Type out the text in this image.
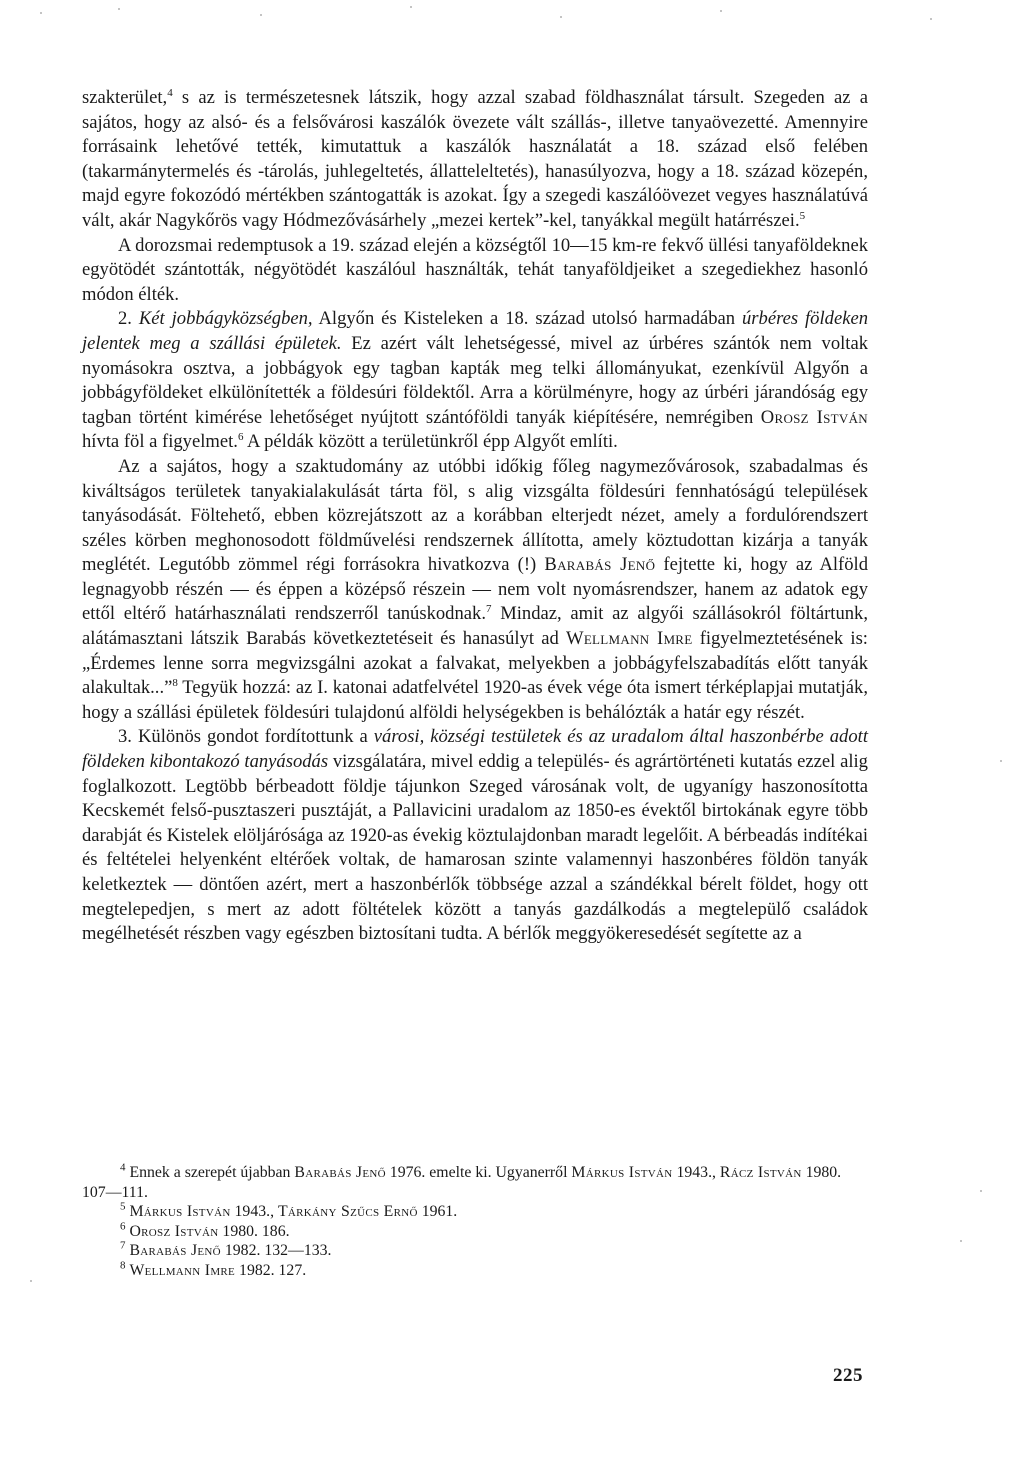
szakterület,$^4$ s az is természetesnek látszik, hogy azzal szabad földhasználat társult. Szegeden az a sajátos, hogy az alsó- és a felsővárosi kaszálók övezete vált szállás-, illetve tanyaövezetté. Amennyire forrásaink lehetővé tették, kimutattuk a kaszálók használatát a 18. század első felében (takarmánytermelés és -tárolás, juhlegeltetés, állatteleltetés), hanasúlyozva, hogy a 18. század közepén, majd egyre fokozódó mértékben szántogatták is azokat. Így a szegedi kaszálóövezet vegyes használatúvá vált, akár Nagykőrös vagy Hódmezővásárhely „mezei kertek”-kel, tanyákkal megült határrészei.$^5$

A dorozsmai redemptusok a 19. század elején a községtől 10—15 km-re fekvő üllési tanyaföldeknek egyötödét szántották, négyötödét kaszálóul használták, tehát tanyaföldjeiket a szegediekhez hasonló módon élték.

2. Két jobbágyközségben, Algyőn és Kisteleken a 18. század utolsó harmadában úrbéres földeken jelentek meg a szállási épületek. Ez azért vált lehetségessé, mivel az úrbéres szántók nem voltak nyomásokra osztva, a jobbágyok egy tagban kapták meg telki állományukat, ezenkívül Algyőn a jobbágyföldeket elkülönítették a földesúri földektől. Arra a körülményre, hogy az úrbéri járandóság egy tagban történt kimérése lehetőséget nyújtott szántóföldi tanyák kiépítésére, nemrégiben Orosz István hívta föl a figyelmet.$^6$ A példák között a területünkről épp Algyőt említi.

Az a sajátos, hogy a szaktudomány az utóbbi időkig főleg nagymezővárosok, szabadalmas és kiváltságos területek tanyakialakulását tárta föl, s alig vizsgálta földesúri fennhatóságú települések tanyásodását. Föltehető, ebben közrejátszott az a korábban elterjedt nézet, amely a fordulórendszert széles körben meghonosodott földművelési rendszernek állította, amely köztudottan kizárja a tanyák meglétét. Legutóbb zömmel régi forrásokra hivatkozva (!) Barabás Jenő fejtette ki, hogy az Alföld legnagyobb részén — és éppen a középső részein — nem volt nyomásrendszer, hanem az adatok egy ettől eltérő határhasználati rendszerről tanúskodnak.$^7$ Mindaz, amit az algyői szállásokról föltártunk, alátámasztani látszik Barabás következtetéseit és hanasúlyt ad Wellmann Imre figyelmeztetésének is: „Érdemes lenne sorra megvizsgálni azokat a falvakat, melyekben a jobbágyfelszabadítás előtt tanyák alakultak...”$^8$ Tegyük hozzá: az I. katonai adatfelvétel 1920-as évek vége óta ismert térképlapjai mutatják, hogy a szállási épületek földesúri tulajdonú alföldi helységekben is behálózták a határ egy részét.

3. Különös gondot fordítottunk a városi, községi testületek és az uradalom által haszonbérbe adott földeken kibontakozó tanyásodás vizsgálatára, mivel eddig a település- és agrártörténeti kutatás ezzel alig foglalkozott. Legtöbb bérbeadott földje tájunkon Szeged városának volt, de ugyanígy haszonosította Kecskemét felső-pusztaszeri pusztáját, a Pallavicini uradalom az 1850-es évektől birtokának egyre több darabját és Kistelek elöljárósága az 1920-as évekig köztulajdonban maradt legelőit. A bérbeadás indítékai és feltételei helyenként eltérőek voltak, de hamarosan szinte valamennyi haszonbéres földön tanyák keletkeztek — döntően azért, mert a haszonbérlők többsége azzal a szándékkal bérelt földet, hogy ott megtelepedjen, s mert az adott föltételek között a tanyás gazdálkodás a megtelepülő családok megélhetését részben vagy egészben biztosítani tudta. A bérlők meggyökeresedését segítette az a

$^4$ Ennek a szerepét újabban Barabás Jenő 1976. emelte ki. Ugyanerről Márkus István 1943., Rácz István 1980. 107—111.

$^5$ Márkus István 1943., Tárkány Szűcs Ernő 1961.

$^6$ Orosz István 1980. 186.

$^7$ Barabás Jenő 1982. 132—133.

$^8$ Wellmann Imre 1982. 127.

225
